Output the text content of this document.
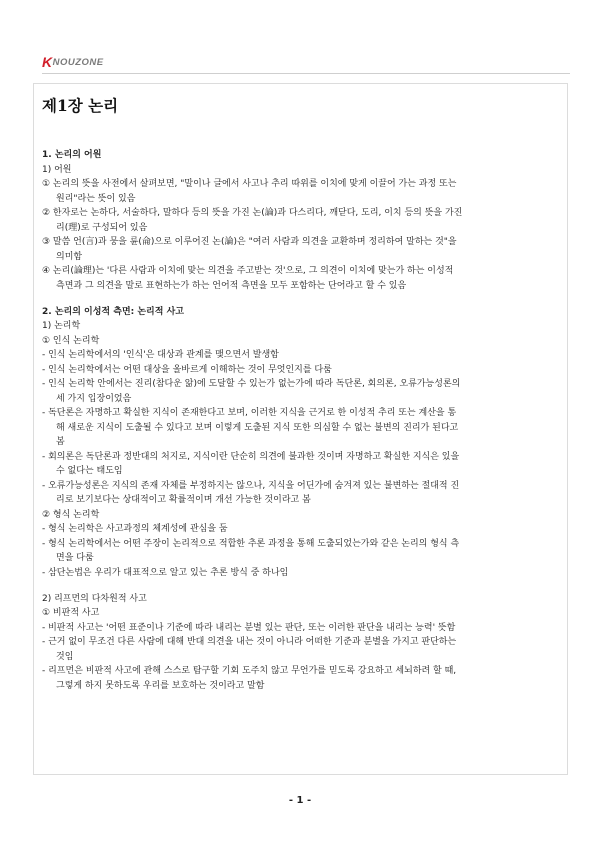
K NOUZONE
제1장 논리
1. 논리의 어원
1) 어원
① 논리의 뜻을 사전에서 살펴보면, "말이나 글에서 사고나 추리 따위를 이치에 맞게 이끌어 가는 과정 또는
원리"라는 뜻이 있음
② 한자로는 논하다, 서술하다, 말하다 등의 뜻을 가진 논(論)과 다스리다, 깨닫다, 도리, 이치 등의 뜻을 가진
리(理)로 구성되어 있음
③ 말씀 언(言)과 뭉을 륜(侖)으로 이루어진 논(論)은 "여러 사람과 의견을 교환하며 정리하여 말하는 것"을
의미함
④ 논리(論理)는 '다른 사람과 이치에 맞는 의견을 주고받는 것'으로, 그 의견이 이치에 맞는가 하는 이성적
측면과 그 의견을 말로 표현하는가 하는 언어적 측면을 모두 포함하는 단어라고 할 수 있음
2. 논리의 이성적 측면: 논리적 사고
1) 논리학
① 인식 논리학
- 인식 논리학에서의 '인식'은 대상과 관계를 맺으면서 발생함
- 인식 논리학에서는 어떤 대상을 올바르게 이해하는 것이 무엇인지를 다룸
- 인식 논리학 안에서는 진리(참다운 앎)에 도달할 수 있는가 없는가에 따라 독단론, 회의론, 오류가능성론의
세 가지 입장이었음
- 독단론은 자명하고 확실한 지식이 존재한다고 보며, 이러한 지식을 근거로 한 이성적 추리 또는 계산을 통
해 새로운 지식이 도출될 수 있다고 보며 이렇게 도출된 지식 또한 의심할 수 없는 불변의 진리가 된다고
봄
- 회의론은 독단론과 정반대의 처지로, 지식이란 단순히 의견에 불과한 것이며 자명하고 확실한 지식은 있을
수 없다는 태도임
- 오류가능성론은 지식의 존재 자체를 부정하지는 않으나, 지식을 어딘가에 숨겨져 있는 불변하는 절대적 진
리로 보기보다는 상대적이고 확률적이며 개선 가능한 것이라고 봄
② 형식 논리학
- 형식 논리학은 사고과정의 체계성에 관심을 둠
- 형식 논리학에서는 어떤 주장이 논리적으로 적합한 추론 과정을 통해 도출되었는가와 같은 논리의 형식 측
면을 다룸
- 삼단논법은 우리가 대표적으로 알고 있는 추론 방식 중 하나임
2) 리프먼의 다차원적 사고
① 비판적 사고
- 비판적 사고는 '어떤 표준이나 기준에 따라 내리는 분별 있는 판단, 또는 이러한 판단을 내리는 능력' 뜻함
- 근거 없이 무조건 다른 사람에 대해 반대 의견을 내는 것이 아니라 어떠한 기준과 분별을 가지고 판단하는
것임
- 리프먼은 비판적 사고에 관해 스스로 탐구할 기회 도주치 않고 무언가를 믿도록 강요하고 세뇌하려 할 때,
그렇게 하지 못하도록 우리를 보호하는 것이라고 말함
- 1 -
